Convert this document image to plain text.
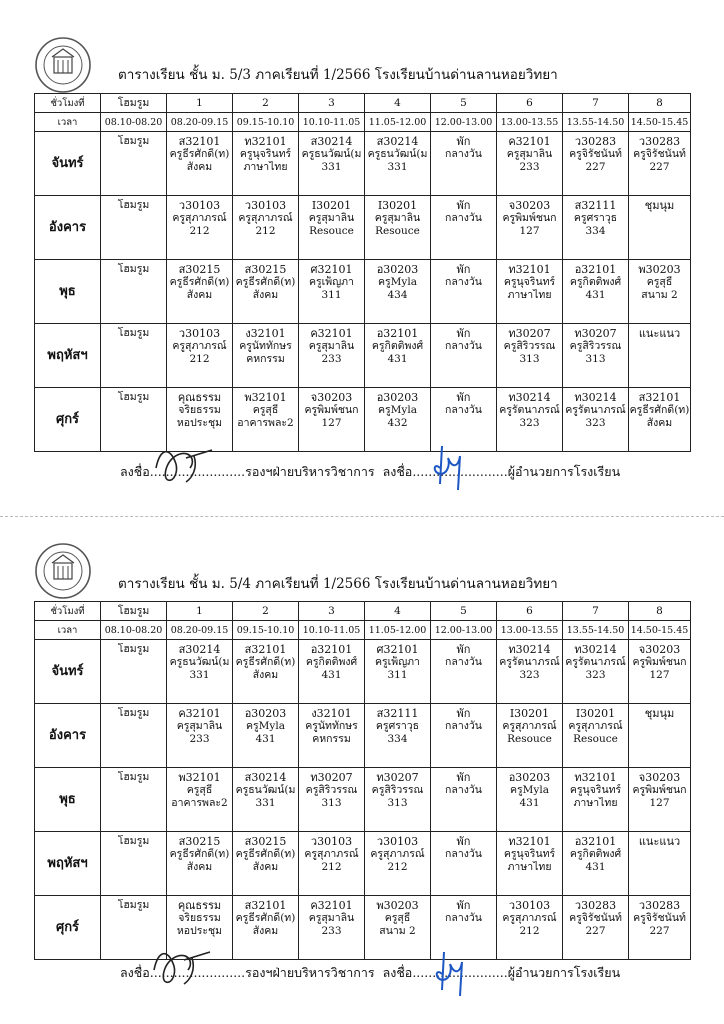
ตารางเรียน ชั้น ม. 5/3 ภาคเรียนที่ 1/2566 โรงเรียนบ้านด่านลานหอยวิทยา
ชั่วโมงที่	โฮมรูม	1	2	3	4	5	6	7	8
เวลา	08.10-08.20	08.20-09.15	09.15-10.10	10.10-11.05	11.05-12.00	12.00-13.00	13.00-13.55	13.55-14.50	14.50-15.45
จันทร์	โฮมรูม	ส32101
ครูธีรศักดิ์(ท)
สังคม	ท32101
ครูนุจรินทร์
ภาษาไทย	ส30214
ครูธนวัฒน์(ม
331	ส30214
ครูธนวัฒน์(ม
331	พัก
กลางวัน	ค32101
ครูสุมาลิน
233	ว30283
ครูจิรัชนันท์
227	ว30283
ครูจิรัชนันท์
227

อังคาร	โฮมรูม	ว30103
ครูสุภาภรณ์
212	ว30103
ครูสุภาภรณ์
212	I30201
ครูสุมาลิน
Resouce	I30201
ครูสุมาลิน
Resouce	พัก
กลางวัน	จ30203
ครูพิมพ์ชนก
127	ส32111
ครูศราวุธ
334	ชุมนุม

พุธ	โฮมรูม	ส30215
ครูธีรศักดิ์(ท)
สังคม	ส30215
ครูธีรศักดิ์(ท)
สังคม	ศ32101
ครูเพ็ญภา
311	อ30203
ครูMyla
434	พัก
กลางวัน	ท32101
ครูนุจรินทร์
ภาษาไทย	อ32101
ครูกิตติพงศ์
431	พ30203
ครูสุธี
สนาม 2

พฤหัสฯ	โฮมรูม	ว30103
ครูสุภาภรณ์
212	ง32101
ครูนัททักษร
คหกรรม	ค32101
ครูสุมาลิน
233	อ32101
ครูกิตติพงศ์
431	พัก
กลางวัน	ท30207
ครูสิริวรรณ
313	ท30207
ครูสิริวรรณ
313	แนะแนว

ศุกร์	โฮมรูม	คุณธรรม
จริยธรรม
หอประชุม	พ32101
ครูสุธี
อาคารพละ2	จ30203
ครูพิมพ์ชนก
127	อ30203
ครูMyla
432	พัก
กลางวัน	ท30214
ครูรัตนาภรณ์
323	ท30214
ครูรัตนาภรณ์
323	ส32101
ครูธีรศักดิ์(ท)
สังคม
ลงชื่อ........................รองฯฝ่ายบริหารวิชาการ ลงชื่อ........................ผู้อำนวยการโรงเรียน
ตารางเรียน ชั้น ม. 5/4 ภาคเรียนที่ 1/2566 โรงเรียนบ้านด่านลานหอยวิทยา
ชั่วโมงที่	โฮมรูม	1	2	3	4	5	6	7	8
เวลา	08.10-08.20	08.20-09.15	09.15-10.10	10.10-11.05	11.05-12.00	12.00-13.00	13.00-13.55	13.55-14.50	14.50-15.45
จันทร์	โฮมรูม	ส30214
ครูธนวัฒน์(ม
331	ส32101
ครูธีรศักดิ์(ท)
สังคม	อ32101
ครูกิตติพงศ์
431	ศ32101
ครูเพ็ญภา
311	พัก
กลางวัน	ท30214
ครูรัตนาภรณ์
323	ท30214
ครูรัตนาภรณ์
323	จ30203
ครูพิมพ์ชนก
127

อังคาร	โฮมรูม	ค32101
ครูสุมาลิน
233	อ30203
ครูMyla
431	ง32101
ครูนัททักษร
คหกรรม	ส32111
ครูศราวุธ
334	พัก
กลางวัน	I30201
ครูสุภาภรณ์
Resouce	I30201
ครูสุภาภรณ์
Resouce	ชุมนุม

พุธ	โฮมรูม	พ32101
ครูสุธี
อาคารพละ2	ส30214
ครูธนวัฒน์(ม
331	ท30207
ครูสิริวรรณ
313	ท30207
ครูสิริวรรณ
313	พัก
กลางวัน	อ30203
ครูMyla
431	ท32101
ครูนุจรินทร์
ภาษาไทย	จ30203
ครูพิมพ์ชนก
127

พฤหัสฯ	โฮมรูม	ส30215
ครูธีรศักดิ์(ท)
สังคม	ส30215
ครูธีรศักดิ์(ท)
สังคม	ว30103
ครูสุภาภรณ์
212	ว30103
ครูสุภาภรณ์
212	พัก
กลางวัน	ท32101
ครูนุจรินทร์
ภาษาไทย	อ32101
ครูกิตติพงศ์
431	แนะแนว

ศุกร์	โฮมรูม	คุณธรรม
จริยธรรม
หอประชุม	ส32101
ครูธีรศักดิ์(ท)
สังคม	ค32101
ครูสุมาลิน
233	พ30203
ครูสุธี
สนาม 2	พัก
กลางวัน	ว30103
ครูสุภาภรณ์
212	ว30283
ครูจิรัชนันท์
227	ว30283
ครูจิรัชนันท์
227
ลงชื่อ........................รองฯฝ่ายบริหารวิชาการ ลงชื่อ........................ผู้อำนวยการโรงเรียน
